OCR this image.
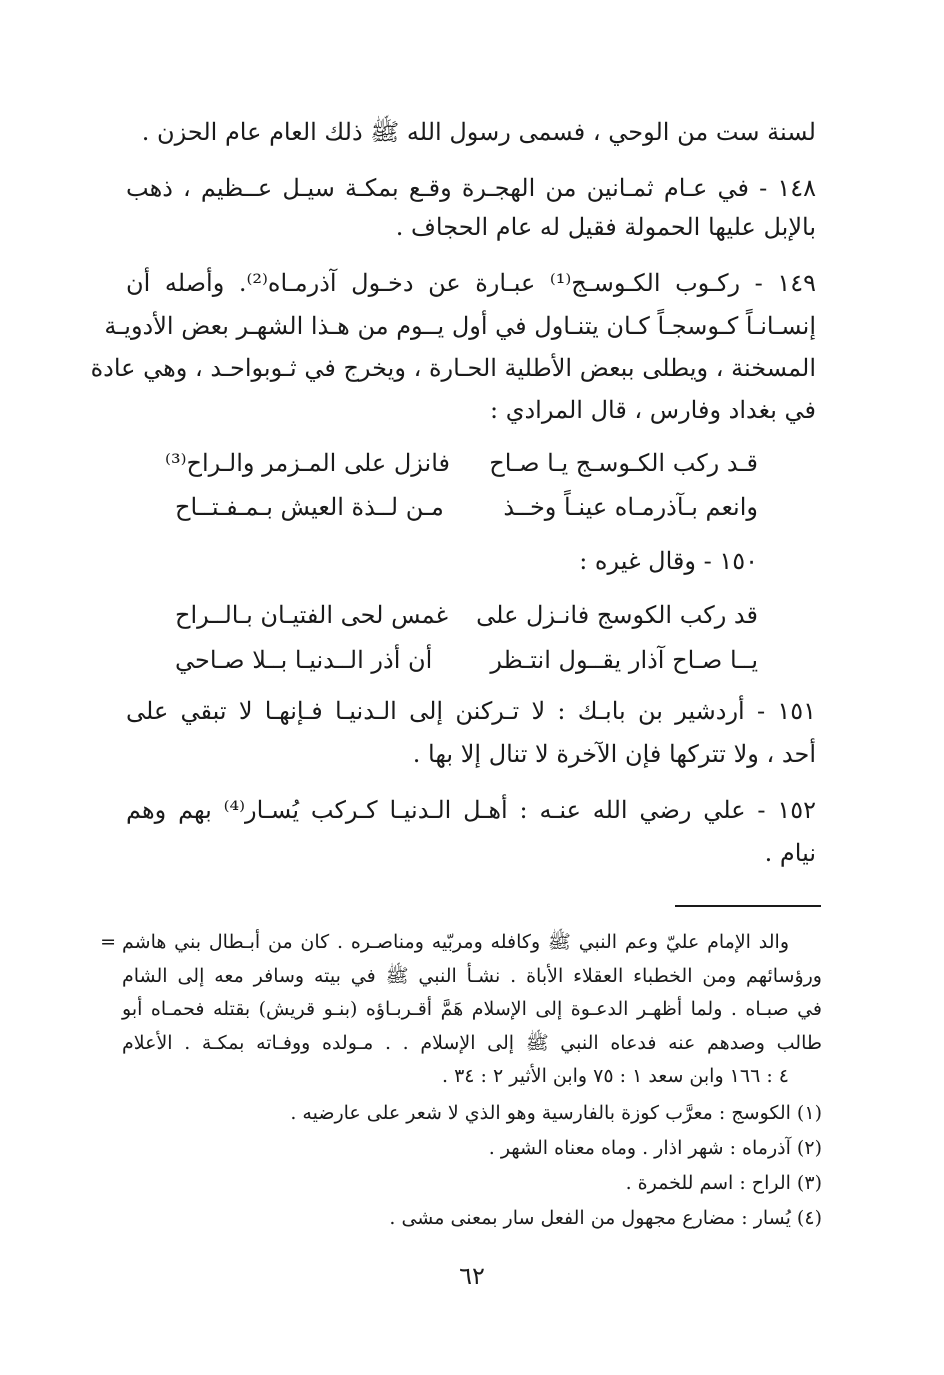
لسنة ست من الوحي ، فسمى رسول الله ﷺ ذلك العام عام الحزن .
١٤٨ - في عـام ثمـانين من الهجـرة وقـع بمكـة سيـل عــظيم ، ذهب
بالإبل عليها الحمولة فقيل له عام الحجاف .
١٤٩ - ركـوب الكـوسـج⁽¹⁾ عبـارة عن دخـول آذرمـاه⁽²⁾. وأصله أن
إنسـانـاً كـوسجـاً كـان يتنـاول في أول يــوم من هـذا الشهـر بعض الأدويـة
المسخنة ، ويطلى ببعض الأطلية الحـارة ، ويخرج في ثـوبواحـد ، وهي عادة
في بغداد وفارس ، قال المرادي :
قـد ركب الكـوسـج يـا صـاح
فانزل على المـزمر والـراح⁽³⁾
وانعم بـآذرمـاه عينـاً وخــذ
مـن لــذة العيش بـمـفـتــاح
١٥٠ - وقال غيره :
قد ركب الكوسج فانـزل على
غمس لحى الفتيـان بـالــراح
يــا صـاح آذار يقــول انتـظر
أن أذر الــدنيـا بــلا صـاحي
١٥١ - أردشير بن بابـك : لا تـركنن إلى الـدنيـا فـإنهـا لا تبقي على
أحد ، ولا تتركها فإن الآخرة لا تنال إلا بها .
١٥٢ - علي رضي الله عنـه : أهـل الـدنيـا كـركب يُسـار⁽⁴⁾ بهم وهم
نيام .
= والد الإمام عليّ وعم النبي ﷺ وكافله ومربّيه ومناصـره . كان من أبـطال بني هاشم
ورؤسائهم ومن الخطباء العقلاء الأباة . نشـأ النبي ﷺ في بيته وسافر معه إلى الشام
في صبـاه . ولما أظهـر الدعـوة إلى الإسلام هَمَّ أقـربـاؤه (بنـو قريش) بقتله فحمـاه أبو
طالب وصدهم عنه فدعاه النبي ﷺ إلى الإسلام . . مـولده ووفـاته بمكـة . الأعلام
٤ : ١٦٦ وابن سعد ١ : ٧٥ وابن الأثير ٢ : ٣٤ .
(١) الكوسج : معرَّب كوزة بالفارسية وهو الذي لا شعر على عارضيه .
(٢) آذرماه : شهر اذار . وماه معناه الشهر .
(٣) الراح : اسم للخمرة .
(٤) يُسار : مضارع مجهول من الفعل سار بمعنى مشى .
٦٢
